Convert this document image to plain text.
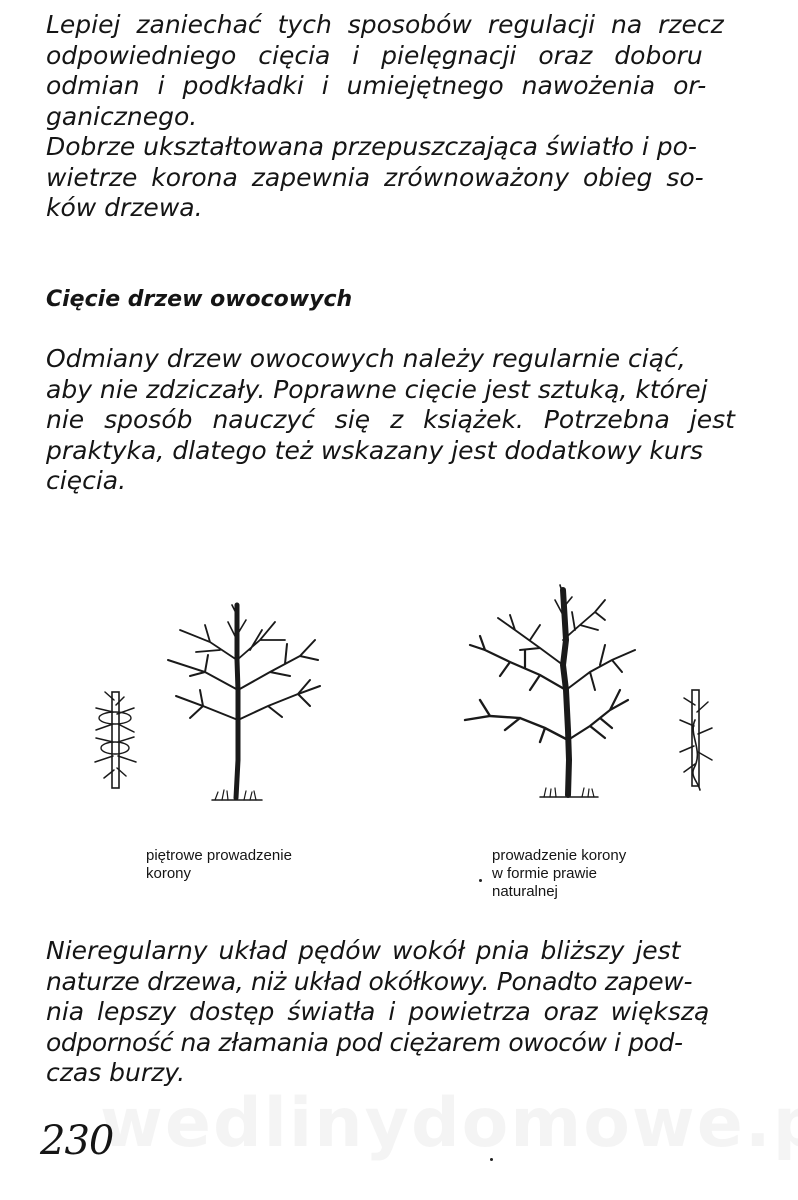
Lepiej zaniechać tych sposobów regulacji na rzecz
odpowiedniego cięcia i pielęgnacji oraz doboru
odmian i podkładki i umiejętnego nawożenia or-
ganicznego.
Dobrze ukształtowana przepuszczająca światło i po-
wietrze korona zapewnia zrównoważony obieg so-
ków drzewa.

Cięcie drzew owocowych

Odmiany drzew owocowych należy regularnie ciąć,
aby nie zdziczały. Poprawne cięcie jest sztuką, której
nie sposób nauczyć się z książek. Potrzebna jest
praktyka, dlatego też wskazany jest dodatkowy kurs
cięcia.

piętrowe prowadzenie
korony

prowadzenie korony
w formie prawie
naturalnej

Nieregularny układ pędów wokół pnia bliższy jest
naturze drzewa, niż układ okółkowy. Ponadto zapew-
nia lepszy dostęp światła i powietrza oraz większą
odporność na złamania pod ciężarem owoców i pod-
czas burzy.

230
